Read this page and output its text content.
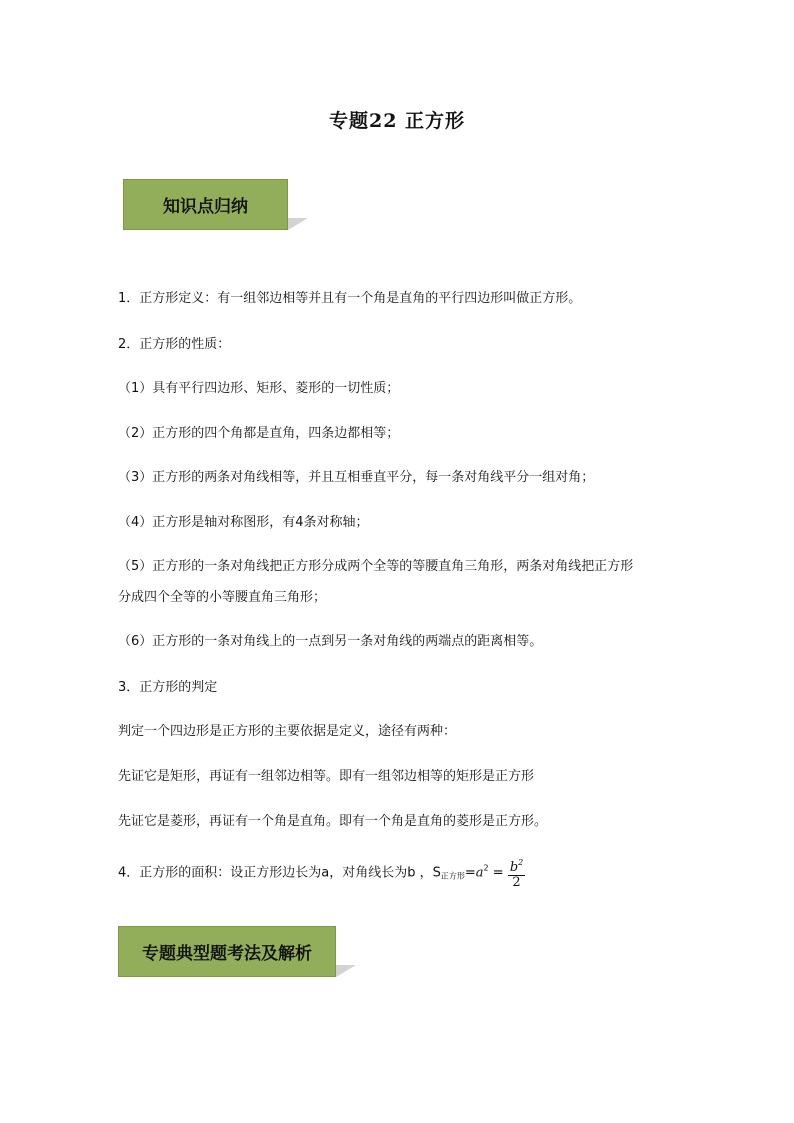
专题22 正方形
知识点归纳
1．正方形定义：有一组邻边相等并且有一个角是直角的平行四边形叫做正方形。
2．正方形的性质：
（1）具有平行四边形、矩形、菱形的一切性质；
（2）正方形的四个角都是直角，四条边都相等；
（3）正方形的两条对角线相等，并且互相垂直平分，每一条对角线平分一组对角；
（4）正方形是轴对称图形，有4条对称轴；
（5）正方形的一条对角线把正方形分成两个全等的等腰直角三角形，两条对角线把正方形
分成四个全等的小等腰直角三角形；
（6）正方形的一条对角线上的一点到另一条对角线的两端点的距离相等。
3．正方形的判定
判定一个四边形是正方形的主要依据是定义，途径有两种：
先证它是矩形，再证有一组邻边相等。即有一组邻边相等的矩形是正方形
先证它是菱形，再证有一个角是直角。即有一个角是直角的菱形是正方形。
4．正方形的面积：设正方形边长为a，对角线长为b ，$S_{正方形}=a^2 = \frac{b^2}{2}$
专题典型题考法及解析
